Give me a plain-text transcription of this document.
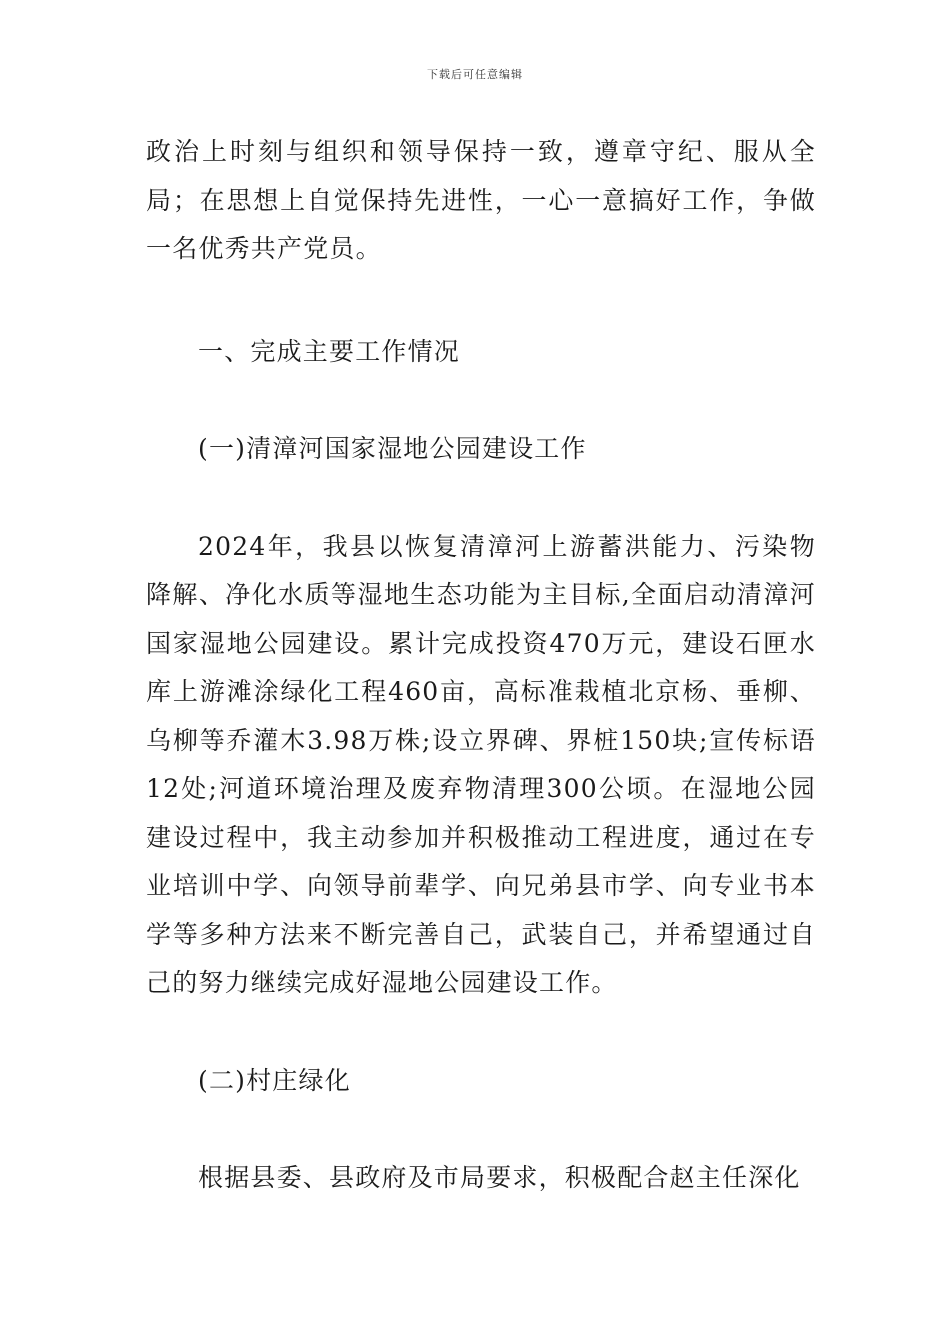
下载后可任意编辑

政治上时刻与组织和领导保持一致，遵章守纪、服从全局；在思想上自觉保持先进性，一心一意搞好工作，争做一名优秀共产党员。

一、完成主要工作情况

(一)清漳河国家湿地公园建设工作

2024年，我县以恢复清漳河上游蓄洪能力、污染物降解、净化水质等湿地生态功能为主目标,全面启动清漳河国家湿地公园建设。累计完成投资470万元，建设石匣水库上游滩涂绿化工程460亩，高标准栽植北京杨、垂柳、乌柳等乔灌木3.98万株;设立界碑、界桩150块;宣传标语12处;河道环境治理及废弃物清理300公顷。在湿地公园建设过程中，我主动参加并积极推动工程进度，通过在专业培训中学、向领导前辈学、向兄弟县市学、向专业书本学等多种方法来不断完善自己，武装自己，并希望通过自己的努力继续完成好湿地公园建设工作。

(二)村庄绿化

根据县委、县政府及市局要求，积极配合赵主任深化
